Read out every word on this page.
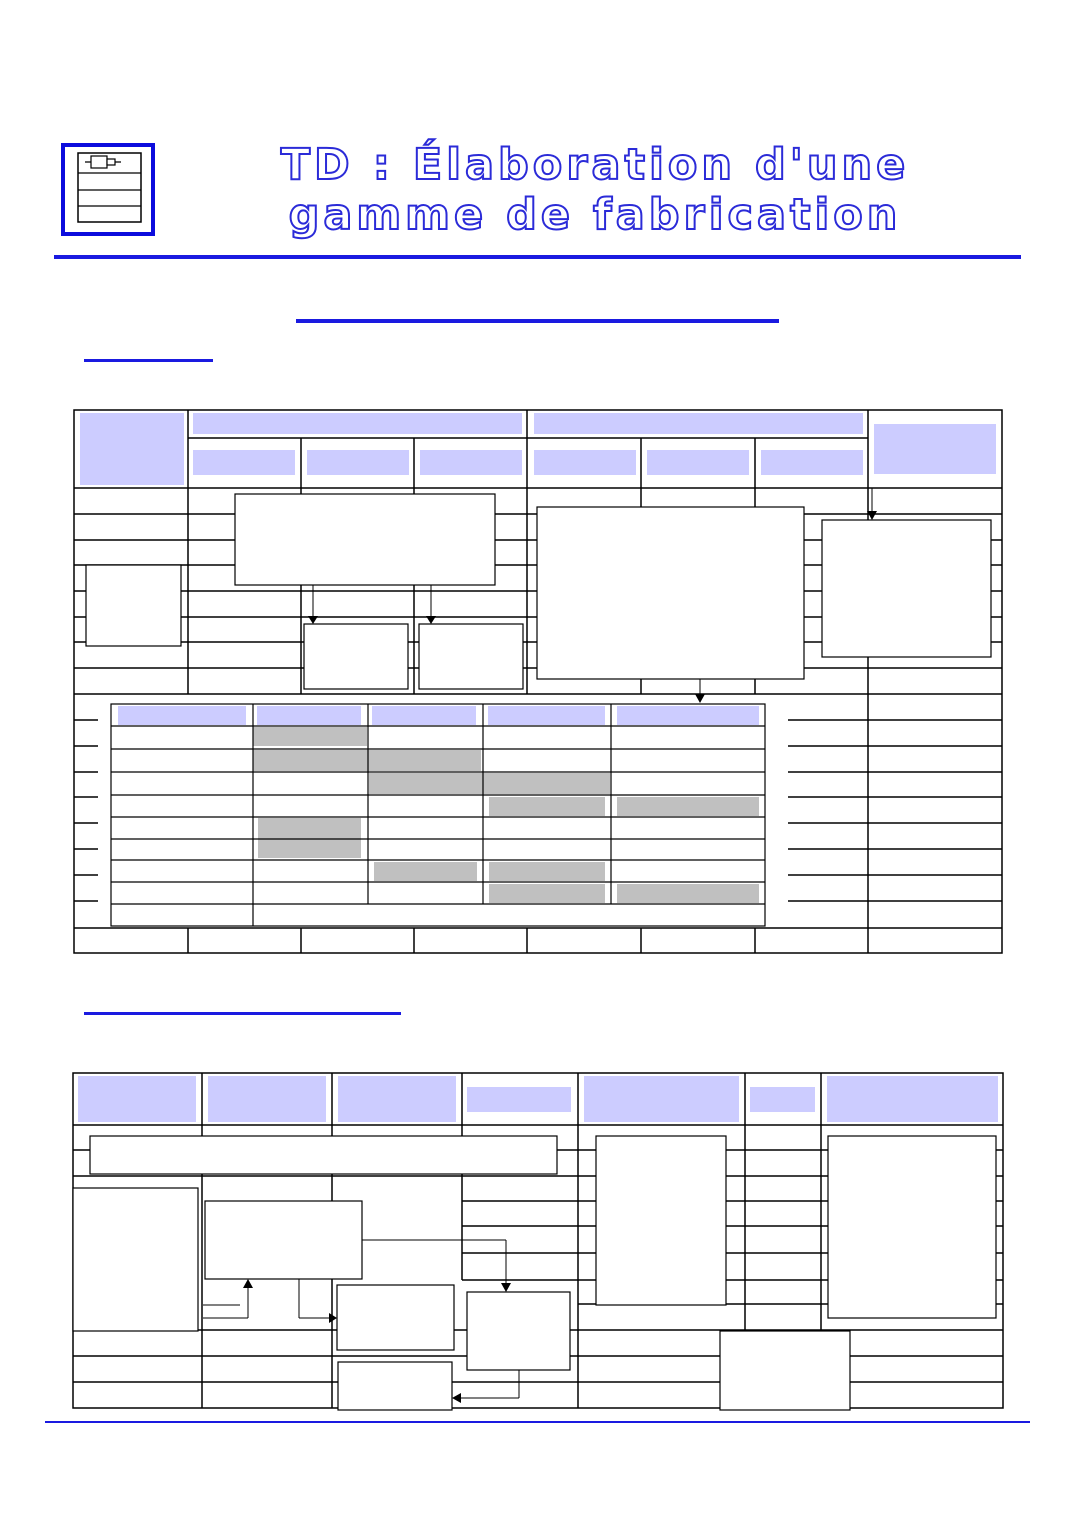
TD : Élaboration d'une
gamme de fabrication
